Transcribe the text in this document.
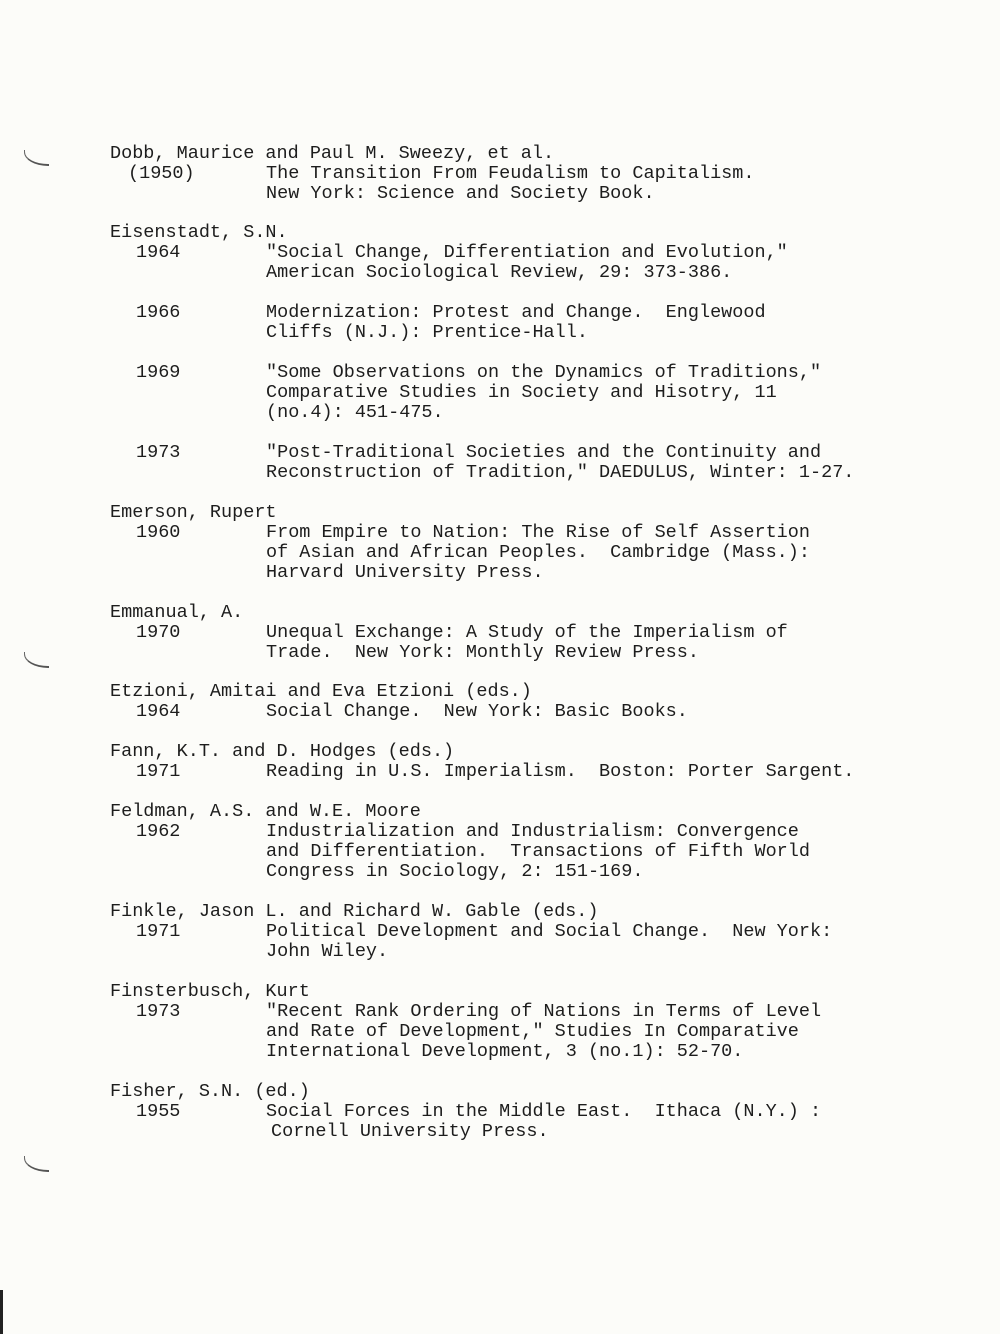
Dobb, Maurice and Paul M. Sweezy, et al.
(1950)	The Transition From Feudalism to Capitalism.
New York: Science and Society Book.
Eisenstadt, S.N.
1964	"Social Change, Differentiation and Evolution,"
American Sociological Review, 29: 373-386.
1966	Modernization: Protest and Change.  Englewood
Cliffs (N.J.): Prentice-Hall.
1969	"Some Observations on the Dynamics of Traditions,"
Comparative Studies in Society and Hisotry, 11
(no.4): 451-475.
1973	"Post-Traditional Societies and the Continuity and
Reconstruction of Tradition," DAEDULUS, Winter: 1-27.
Emerson, Rupert
1960	From Empire to Nation: The Rise of Self Assertion
of Asian and African Peoples.  Cambridge (Mass.):
Harvard University Press.
Emmanual, A.
1970	Unequal Exchange: A Study of the Imperialism of
Trade.  New York: Monthly Review Press.
Etzioni, Amitai and Eva Etzioni (eds.)
1964	Social Change.  New York: Basic Books.
Fann, K.T. and D. Hodges (eds.)
1971	Reading in U.S. Imperialism.  Boston: Porter Sargent.
Feldman, A.S. and W.E. Moore
1962	Industrialization and Industrialism: Convergence
and Differentiation.  Transactions of Fifth World
Congress in Sociology, 2: 151-169.
Finkle, Jason L. and Richard W. Gable (eds.)
1971	Political Development and Social Change.  New York:
John Wiley.
Finsterbusch, Kurt
1973	"Recent Rank Ordering of Nations in Terms of Level
and Rate of Development," Studies In Comparative
International Development, 3 (no.1): 52-70.
Fisher, S.N. (ed.)
1955	Social Forces in the Middle East.  Ithaca (N.Y.) :
Cornell University Press.
